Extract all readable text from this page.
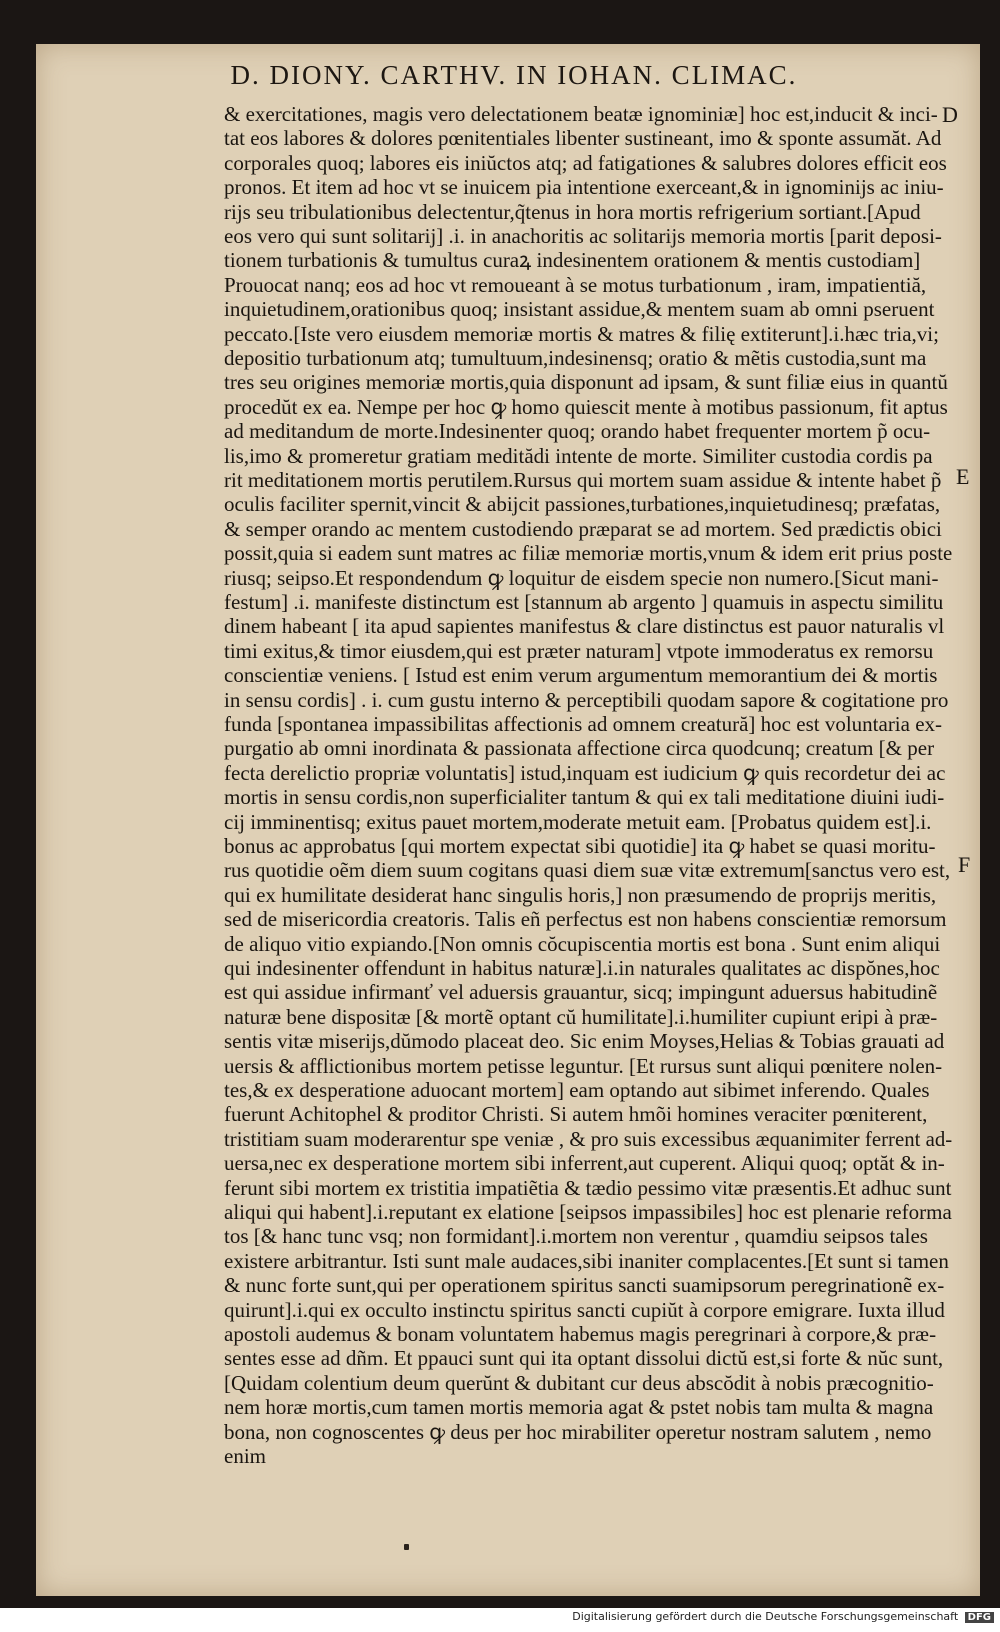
D. DIONY. CARTHV. IN IOHAN. CLIMAC.
& exercitationes, magis vero delectationem beatæ ignominiæ] hoc est,inducit & inci-
tat eos labores & dolores pœnitentiales libenter sustineant, imo & sponte assumăt. Ad
corporales quoq; labores eis iniŭctos atq; ad fatigationes & salubres dolores efficit eos
pronos. Et item ad hoc vt se inuicem pia intentione exerceant,& in ignominijs ac iniu-
rijs seu tribulationibus delectentur,q̃tenus in hora mortis refrigerium sortiant.[Apud
eos vero qui sunt solitarij] .i. in anachoritis ac solitarijs memoria mortis [parit deposi-
tionem turbationis & tumultus curaꝝ indesinentem orationem & mentis custodiam]
Prouocat nanq; eos ad hoc vt remoueant à se motus turbationum , iram, impatientiă,
inquietudinem,orationibus quoq; insistant assidue,& mentem suam ab omni pseruent
peccato.[Iste vero eiusdem memoriæ mortis & matres & filię extiterunt].i.hæc tria,vi;
depositio turbationum atq; tumultuum,indesinensq; oratio & mẽtis custodia,sunt ma
tres seu origines memoriæ mortis,quia disponunt ad ipsam, & sunt filiæ eius in quantŭ
procedŭt ex ea. Nempe per hoc ꝙ homo quiescit mente à motibus passionum, fit aptus
ad meditandum de morte.Indesinenter quoq; orando habet frequenter mortem p̃ ocu-
lis,imo & promeretur gratiam meditădi intente de morte. Similiter custodia cordis pa
rit meditationem mortis perutilem.Rursus qui mortem suam assidue & intente habet p̃
oculis faciliter spernit,vincit & abijcit passiones,turbationes,inquietudinesq; præfatas,
& semper orando ac mentem custodiendo præparat se ad mortem. Sed prædictis obici
possit,quia si eadem sunt matres ac filiæ memoriæ mortis,vnum & idem erit prius poste
riusq; seipso.Et respondendum ꝙ loquitur de eisdem specie non numero.[Sicut mani-
festum] .i. manifeste distinctum est [stannum ab argento ] quamuis in aspectu similitu
dinem habeant [ ita apud sapientes manifestus & clare distinctus est pauor naturalis vl
timi exitus,& timor eiusdem,qui est præter naturam] vtpote immoderatus ex remorsu
conscientiæ veniens. [ Istud est enim verum argumentum memorantium dei & mortis
in sensu cordis] . i. cum gustu interno & perceptibili quodam sapore & cogitatione pro
funda [spontanea impassibilitas affectionis ad omnem creatură] hoc est voluntaria ex-
purgatio ab omni inordinata & passionata affectione circa quodcunq; creatum [& per
fecta derelictio propriæ voluntatis] istud,inquam est iudicium ꝙ quis recordetur dei ac
mortis in sensu cordis,non superficialiter tantum & qui ex tali meditatione diuini iudi-
cij imminentisq; exitus pauet mortem,moderate metuit eam. [Probatus quidem est].i.
bonus ac approbatus [qui mortem expectat sibi quotidie] ita ꝙ habet se quasi moritu-
rus quotidie oẽm diem suum cogitans quasi diem suæ vitæ extremum[sanctus vero est,
qui ex humilitate desiderat hanc singulis horis,] non præsumendo de proprijs meritis,
sed de misericordia creatoris. Talis eñ perfectus est non habens conscientiæ remorsum
de aliquo vitio expiando.[Non omnis cŏcupiscentia mortis est bona . Sunt enim aliqui
qui indesinenter offendunt in habitus naturæ].i.in naturales qualitates ac dispŏnes,hoc
est qui assidue infirmanť vel aduersis grauantur, sicq; impingunt aduersus habitudinẽ
naturæ bene dispositæ [& mortẽ optant cŭ humilitate].i.humiliter cupiunt eripi à præ-
sentis vitæ miserijs,dŭmodo placeat deo. Sic enim Moyses,Helias & Tobias grauati ad
uersis & afflictionibus mortem petisse leguntur. [Et rursus sunt aliqui pœnitere nolen-
tes,& ex desperatione aduocant mortem] eam optando aut sibimet inferendo. Quales
fuerunt Achitophel & proditor Christi. Si autem hmõi homines veraciter pœniterent,
tristitiam suam moderarentur spe veniæ , & pro suis excessibus æquanimiter ferrent ad-
uersa,nec ex desperatione mortem sibi inferrent,aut cuperent. Aliqui quoq; optăt & in-
ferunt sibi mortem ex tristitia impatiẽtia & tædio pessimo vitæ præsentis.Et adhuc sunt
aliqui qui habent].i.reputant ex elatione [seipsos impassibiles] hoc est plenarie reforma
tos [& hanc tunc vsq; non formidant].i.mortem non verentur , quamdiu seipsos tales
existere arbitrantur. Isti sunt male audaces,sibi inaniter complacentes.[Et sunt si tamen
& nunc forte sunt,qui per operationem spiritus sancti suamipsorum peregrinationẽ ex-
quirunt].i.qui ex occulto instinctu spiritus sancti cupiŭt à corpore emigrare. Iuxta illud
apostoli audemus & bonam voluntatem habemus magis peregrinari à corpore,& præ-
sentes esse ad dñm. Et ppauci sunt qui ita optant dissolui dictŭ est,si forte & nŭc sunt,
[Quidam colentium deum querŭnt & dubitant cur deus abscŏdit à nobis præcognitio-
nem horæ mortis,cum tamen mortis memoria agat & pstet nobis tam multa & magna
bona, non cognoscentes ꝙ deus per hoc mirabiliter operetur nostram salutem , nemo
enim
D
E
F
Digitalisierung gefördert durch die Deutsche Forschungsgemeinschaft DFG
